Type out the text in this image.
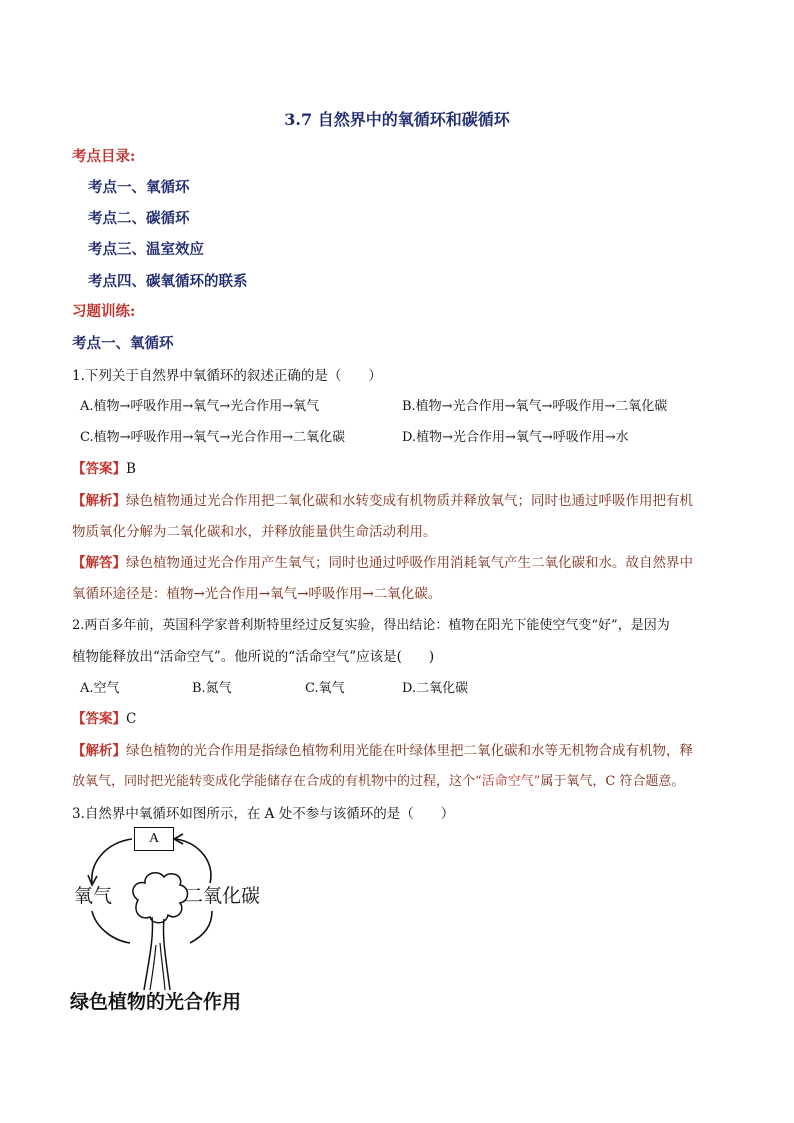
3.7 自然界中的氧循环和碳循环
考点目录:
考点一、氧循环
考点二、碳循环
考点三、温室效应
考点四、碳氧循环的联系
习题训练:
考点一、氧循环
1.下列关于自然界中氧循环的叙述正确的是（　　）
A.植物→呼吸作用→氧气→光合作用→氧气	B.植物→光合作用→氧气→呼吸作用→二氧化碳
C.植物→呼吸作用→氧气→光合作用→二氧化碳	D.植物→光合作用→氧气→呼吸作用→水
【答案】B
【解析】绿色植物通过光合作用把二氧化碳和水转变成有机物质并释放氧气；同时也通过呼吸作用把有机
物质氧化分解为二氧化碳和水，并释放能量供生命活动利用。
【解答】绿色植物通过光合作用产生氧气；同时也通过呼吸作用消耗氧气产生二氧化碳和水。故自然界中
氧循环途径是：植物→光合作用→氧气→呼吸作用→二氧化碳。
2.两百多年前，英国科学家普利斯特里经过反复实验，得出结论：植物在阳光下能使空气变“好”，是因为
植物能释放出“活命空气”。他所说的“活命空气”应该是(　　)
A.空气	B.氮气	C.氧气	D.二氧化碳
【答案】C
【解析】绿色植物的光合作用是指绿色植物利用光能在叶绿体里把二氧化碳和水等无机物合成有机物，释
放氧气，同时把光能转变成化学能储存在合成的有机物中的过程，这个“活命空气”属于氧气，C 符合题意。
3.自然界中氧循环如图所示，在 A 处不参与该循环的是（　　）
A
氧气	二氧化碳
绿色植物的光合作用
